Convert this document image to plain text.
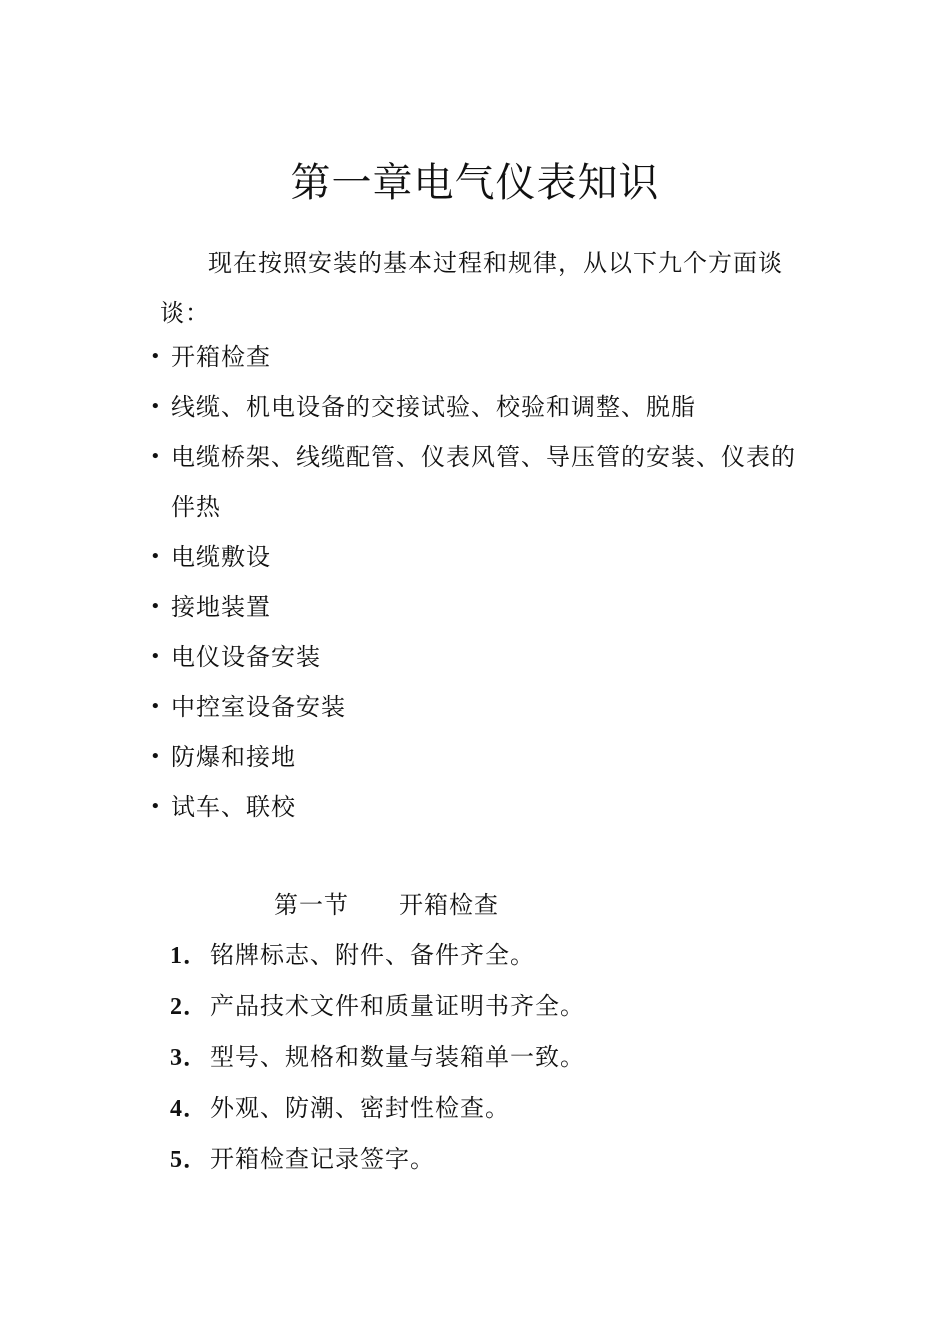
第一章电气仪表知识

现在按照安装的基本过程和规律，从以下九个方面谈谈：

• 开箱检查
• 线缆、机电设备的交接试验、校验和调整、脱脂
• 电缆桥架、线缆配管、仪表风管、导压管的安装、仪表的伴热
• 电缆敷设
• 接地装置
• 电仪设备安装
• 中控室设备安装
• 防爆和接地
• 试车、联校
第一节　　开箱检查
1．铭牌标志、附件、备件齐全。
2．产品技术文件和质量证明书齐全。
3．型号、规格和数量与装箱单一致。
4．外观、防潮、密封性检查。
5．开箱检查记录签字。
